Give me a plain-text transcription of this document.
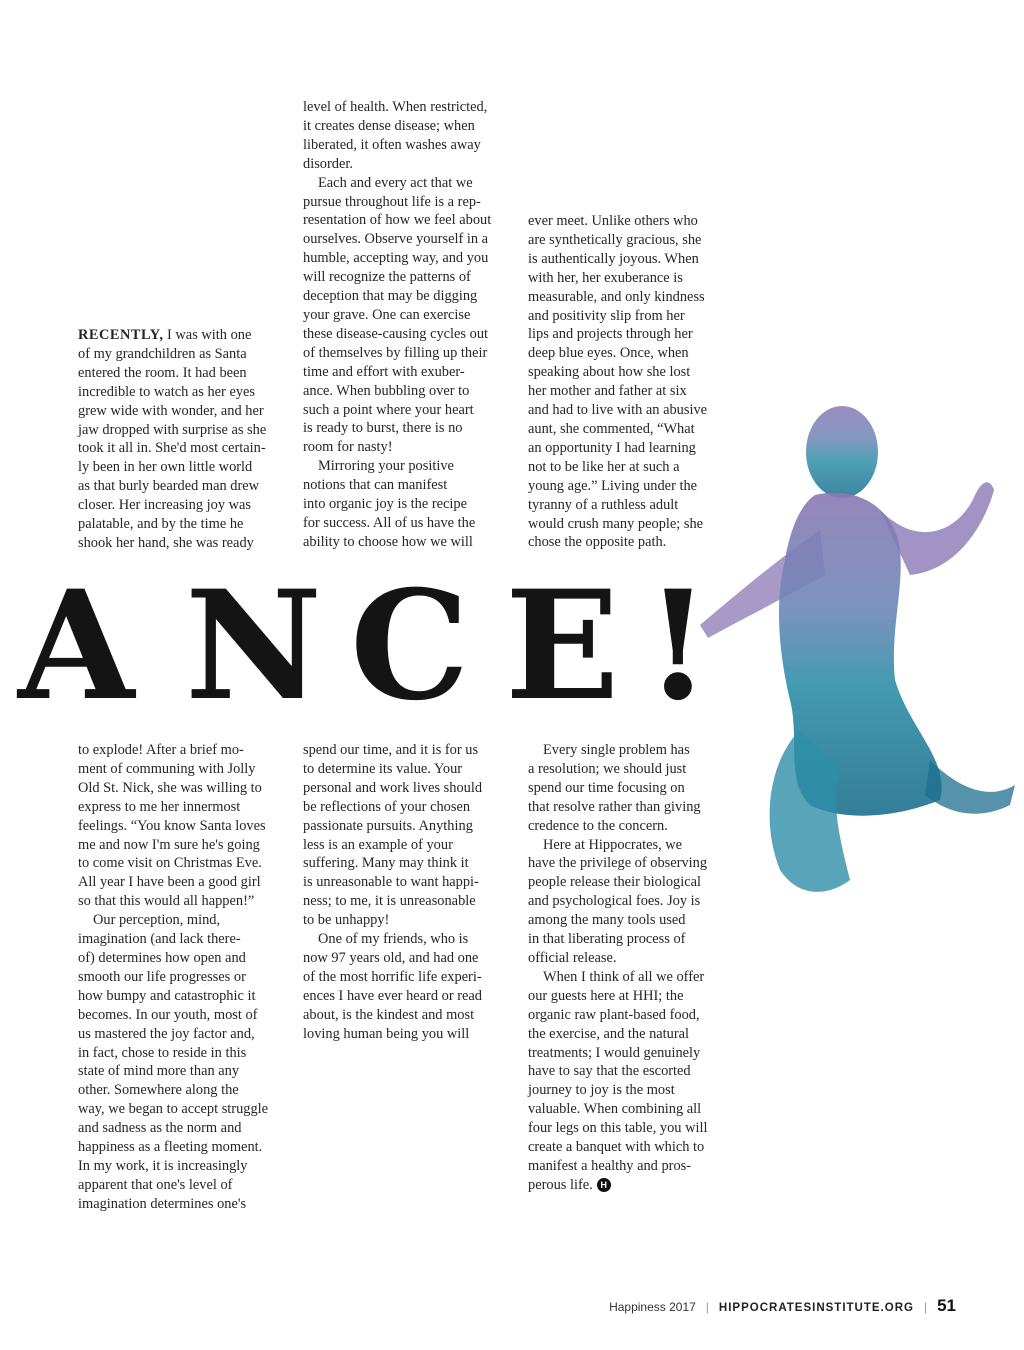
RECENTLY, I was with one
of my grandchildren as Santa
entered the room. It had been
incredible to watch as her eyes
grew wide with wonder, and her
jaw dropped with surprise as she
took it all in. She'd most certain-
ly been in her own little world
as that burly bearded man drew
closer. Her increasing joy was
palatable, and by the time he
shook her hand, she was ready

level of health. When restricted,
it creates dense disease; when
liberated, it often washes away
disorder.

Each and every act that we
pursue throughout life is a rep-
resentation of how we feel about
ourselves. Observe yourself in a
humble, accepting way, and you
will recognize the patterns of
deception that may be digging
your grave. One can exercise
these disease-causing cycles out
of themselves by filling up their
time and effort with exuber-
ance. When bubbling over to
such a point where your heart
is ready to burst, there is no
room for nasty!

Mirroring your positive
notions that can manifest
into organic joy is the recipe
for success. All of us have the
ability to choose how we will

ever meet. Unlike others who
are synthetically gracious, she
is authentically joyous. When
with her, her exuberance is
measurable, and only kindness
and positivity slip from her
lips and projects through her
deep blue eyes. Once, when
speaking about how she lost
her mother and father at six
and had to live with an abusive
aunt, she commented, “What
an opportunity I had learning
not to be like her at such a
young age.” Living under the
tyranny of a ruthless adult
would crush many people; she
chose the opposite path.

A N C E !

to explode! After a brief mo-
ment of communing with Jolly
Old St. Nick, she was willing to
express to me her innermost
feelings. “You know Santa loves
me and now I'm sure he's going
to come visit on Christmas Eve.
All year I have been a good girl
so that this would all happen!”

Our perception, mind,
imagination (and lack there-
of) determines how open and
smooth our life progresses or
how bumpy and catastrophic it
becomes. In our youth, most of
us mastered the joy factor and,
in fact, chose to reside in this
state of mind more than any
other. Somewhere along the
way, we began to accept struggle
and sadness as the norm and
happiness as a fleeting moment.
In my work, it is increasingly
apparent that one's level of
imagination determines one's

spend our time, and it is for us
to determine its value. Your
personal and work lives should
be reflections of your chosen
passionate pursuits. Anything
less is an example of your
suffering. Many may think it
is unreasonable to want happi-
ness; to me, it is unreasonable
to be unhappy!

One of my friends, who is
now 97 years old, and had one
of the most horrific life experi-
ences I have ever heard or read
about, is the kindest and most
loving human being you will

Every single problem has
a resolution; we should just
spend our time focusing on
that resolve rather than giving
credence to the concern.

Here at Hippocrates, we
have the privilege of observing
people release their biological
and psychological foes. Joy is
among the many tools used
in that liberating process of
official release.

When I think of all we offer
our guests here at HHI; the
organic raw plant-based food,
the exercise, and the natural
treatments; I would genuinely
have to say that the escorted
journey to joy is the most
valuable. When combining all
four legs on this table, you will
create a banquet with which to
manifest a healthy and pros-
perous life. H

Happiness 2017 | HIPPOCRATESINSTITUTE.ORG | 51
